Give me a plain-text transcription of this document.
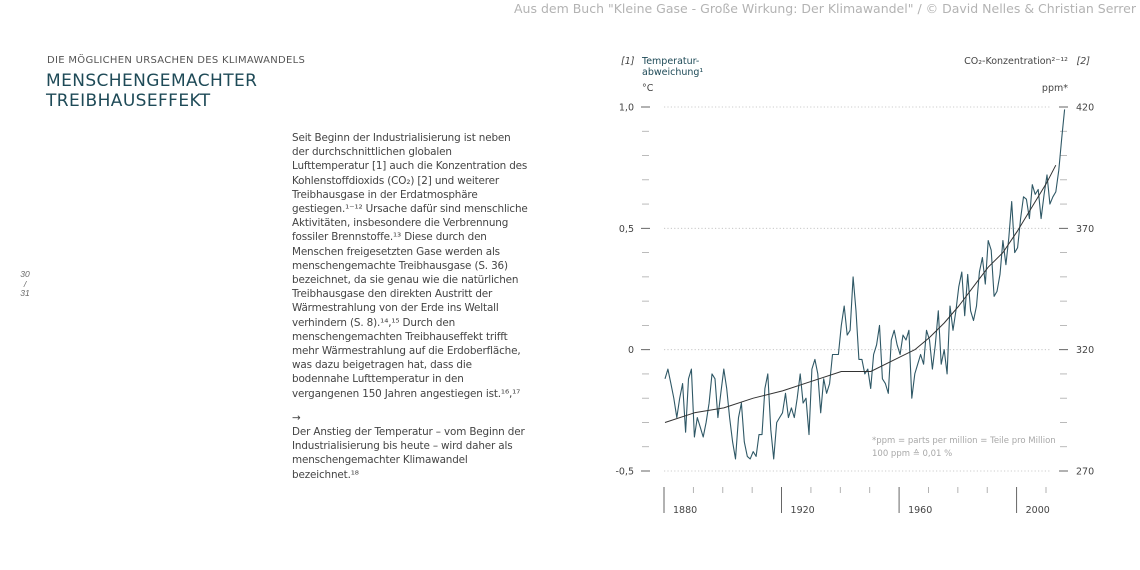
Aus dem Buch "Kleine Gase - Große Wirkung: Der Klimawandel" / © David Nelles & Christian Serrer
DIE MÖGLICHEN URSACHEN DES KLIMAWANDELS
MENSCHENGEMACHTER
TREIBHAUSEFFEKT
30
/
31

Seit Beginn der Industrialisierung ist neben der durchschnittlichen globalen Lufttemperatur [1] auch die Konzentration des Kohlenstoffdioxids (CO₂) [2] und weiterer Treibhausgase in der Erdatmosphäre gestiegen.¹⁻¹² Ursache dafür sind menschliche Aktivitäten, insbesondere die Verbrennung fossiler Brennstoffe.¹³ Diese durch den Menschen freigesetzten Gase werden als menschengemachte Treibhausgase (S. 36) bezeichnet, da sie genau wie die natürlichen Treibhausgase den direkten Austritt der Wärmestrahlung von der Erde ins Weltall verhindern (S. 8).¹⁴,¹⁵ Durch den menschengemachten Treibhauseffekt trifft mehr Wärmestrahlung auf die Erdoberfläche, was dazu beigetragen hat, dass die bodennahe Lufttemperatur in den vergangenen 150 Jahren angestiegen ist.¹⁶,¹⁷

→

Der Anstieg der Temperatur – vom Beginn der Industrialisierung bis heute – wird daher als menschengemachter Klimawandel bezeichnet.¹⁸	-0,5
0
0,5
1,0
270
320
370
420
1880	1920	1960	2000
[1] Temperatur-
abweichung¹
°C
CO₂-Konzentration²⁻¹² [2]
ppm*
*ppm = parts per million = Teile pro Million
100 ppm ≙ 0,01 %
